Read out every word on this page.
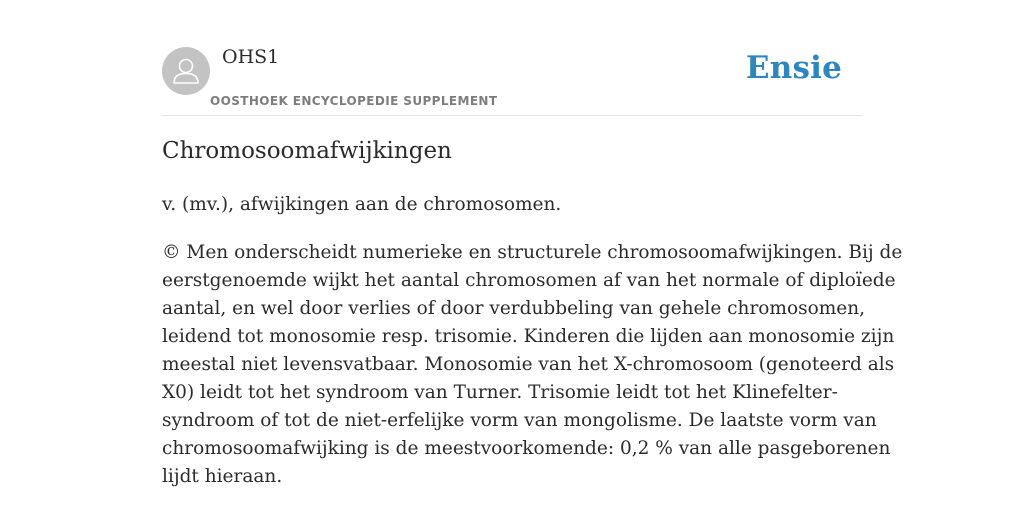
OHS1
OOSTHOEK ENCYCLOPEDIE SUPPLEMENT
Ensie
Chromosoomafwijkingen
v. (mv.), afwijkingen aan de chromosomen.
© Men onderscheidt numerieke en structurele chromosoomafwijkingen. Bij de
eerstgenoemde wijkt het aantal chromosomen af van het normale of diploïede
aantal, en wel door verlies of door verdubbeling van gehele chromosomen,
leidend tot monosomie resp. trisomie. Kinderen die lijden aan monosomie zijn
meestal niet levensvatbaar. Monosomie van het X-chromosoom (genoteerd als
X0) leidt tot het syndroom van Turner. Trisomie leidt tot het Klinefelter-
syndroom of tot de niet-erfelijke vorm van mongolisme. De laatste vorm van
chromosoomafwijking is de meestvoorkomende: 0,2 % van alle pasgeborenen
lijdt hieraan.
